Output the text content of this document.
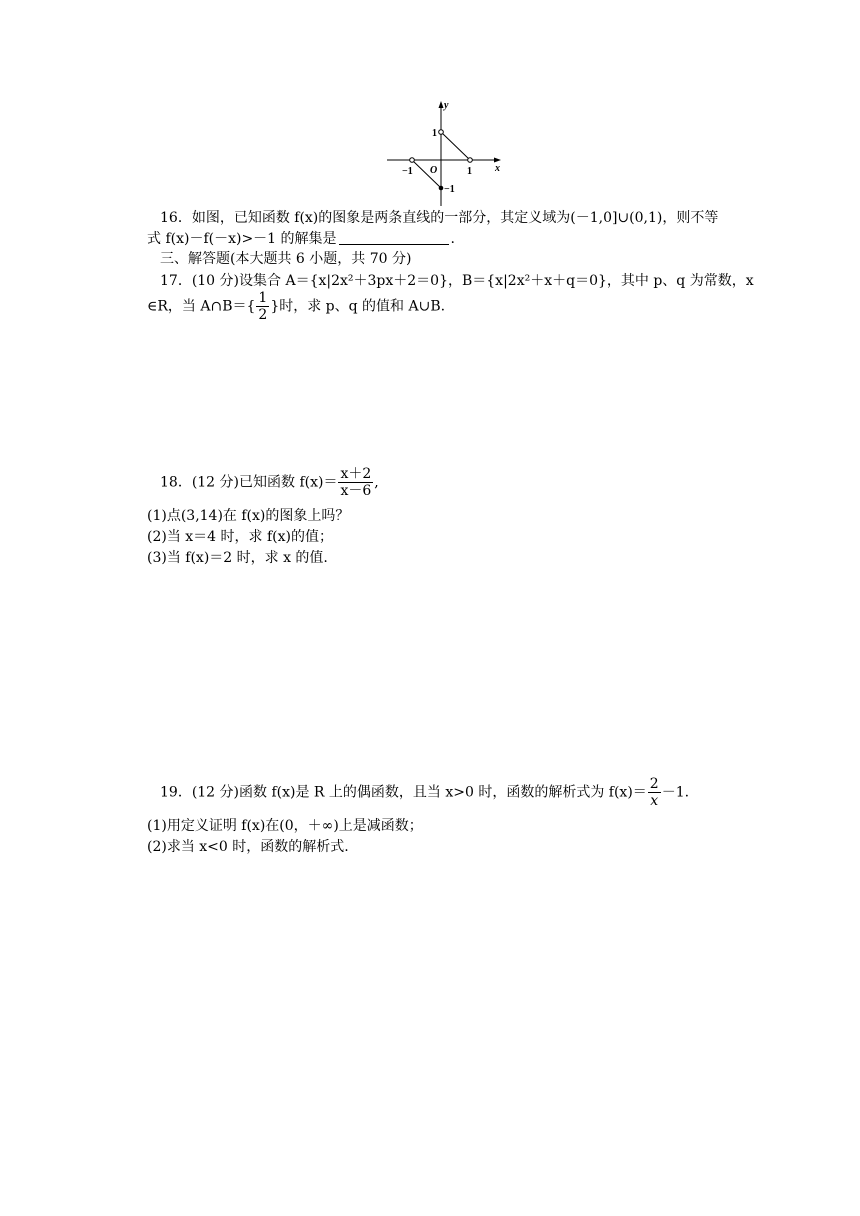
y
x
O
1
−1	1
−1
16．如图，已知函数 f(x)的图象是两条直线的一部分，其定义域为(－1,0]∪(0,1)，则不等
式 f(x)－f(－x)>－1 的解集是	.
三、解答题(本大题共 6 小题，共 70 分)
17．(10 分)设集合 A＝{x|2x²＋3px＋2＝0}，B＝{x|2x²＋x＋q＝0}，其中 p、q 为常数，x
∈R，当 A∩B＝{ $\frac{1}{2}$ }时，求 p、q 的值和 A∪B.
18．(12 分)已知函数 $f(x)= \frac{x+2}{x-6}$ ,
(1)点(3,14)在 f(x)的图象上吗？
(2)当 x＝4 时，求 f(x)的值；
(3)当 f(x)＝2 时，求 x 的值.
19．(12 分)函数 f(x)是 R 上的偶函数，且当 x>0 时，函数的解析式为 $f(x)= \frac{2}{x} -1$.
(1)用定义证明 f(x)在(0，＋∞)上是减函数；
(2)求当 x<0 时，函数的解析式.
